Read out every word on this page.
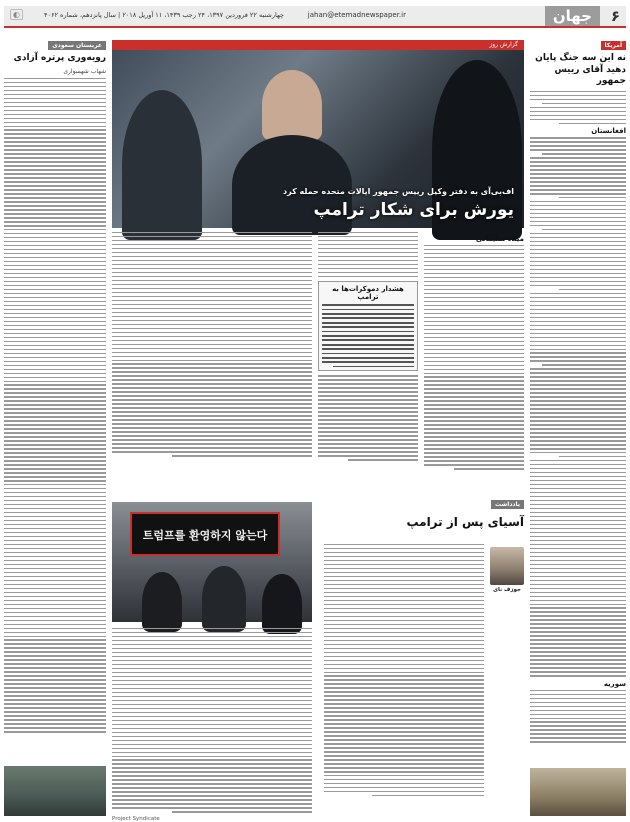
۶
جهان
jahan@etemadnewspaper.ir
چهارشنبه ۲۲ فروردین ۱۳۹۷، ۲۴ رجب ۱۴۳۹، ۱۱ آوریل ۲۰۱۸ | سال پانزدهم، شماره ۴۰۶۲
◐
آمریکا
نه این سه جنگ پایان دهید آقای رییس جمهور
افغانستان
سوریه
گزارش روز
اف‌بی‌آی به دفتر وکیل رییس جمهور ایالات متحده حمله کرد
یورش برای شکار ترامپ
میلاد سلیمانی
هشدار دموکرات‌ها به ترامپ
트럼프를 환영하지 않는다
یادداشت
آسیای پس از ترامپ
جوزف نای
Project Syndicate
عربستان سعودی
رویه‌وری پرتره آزادی
شهاب شهسواری
